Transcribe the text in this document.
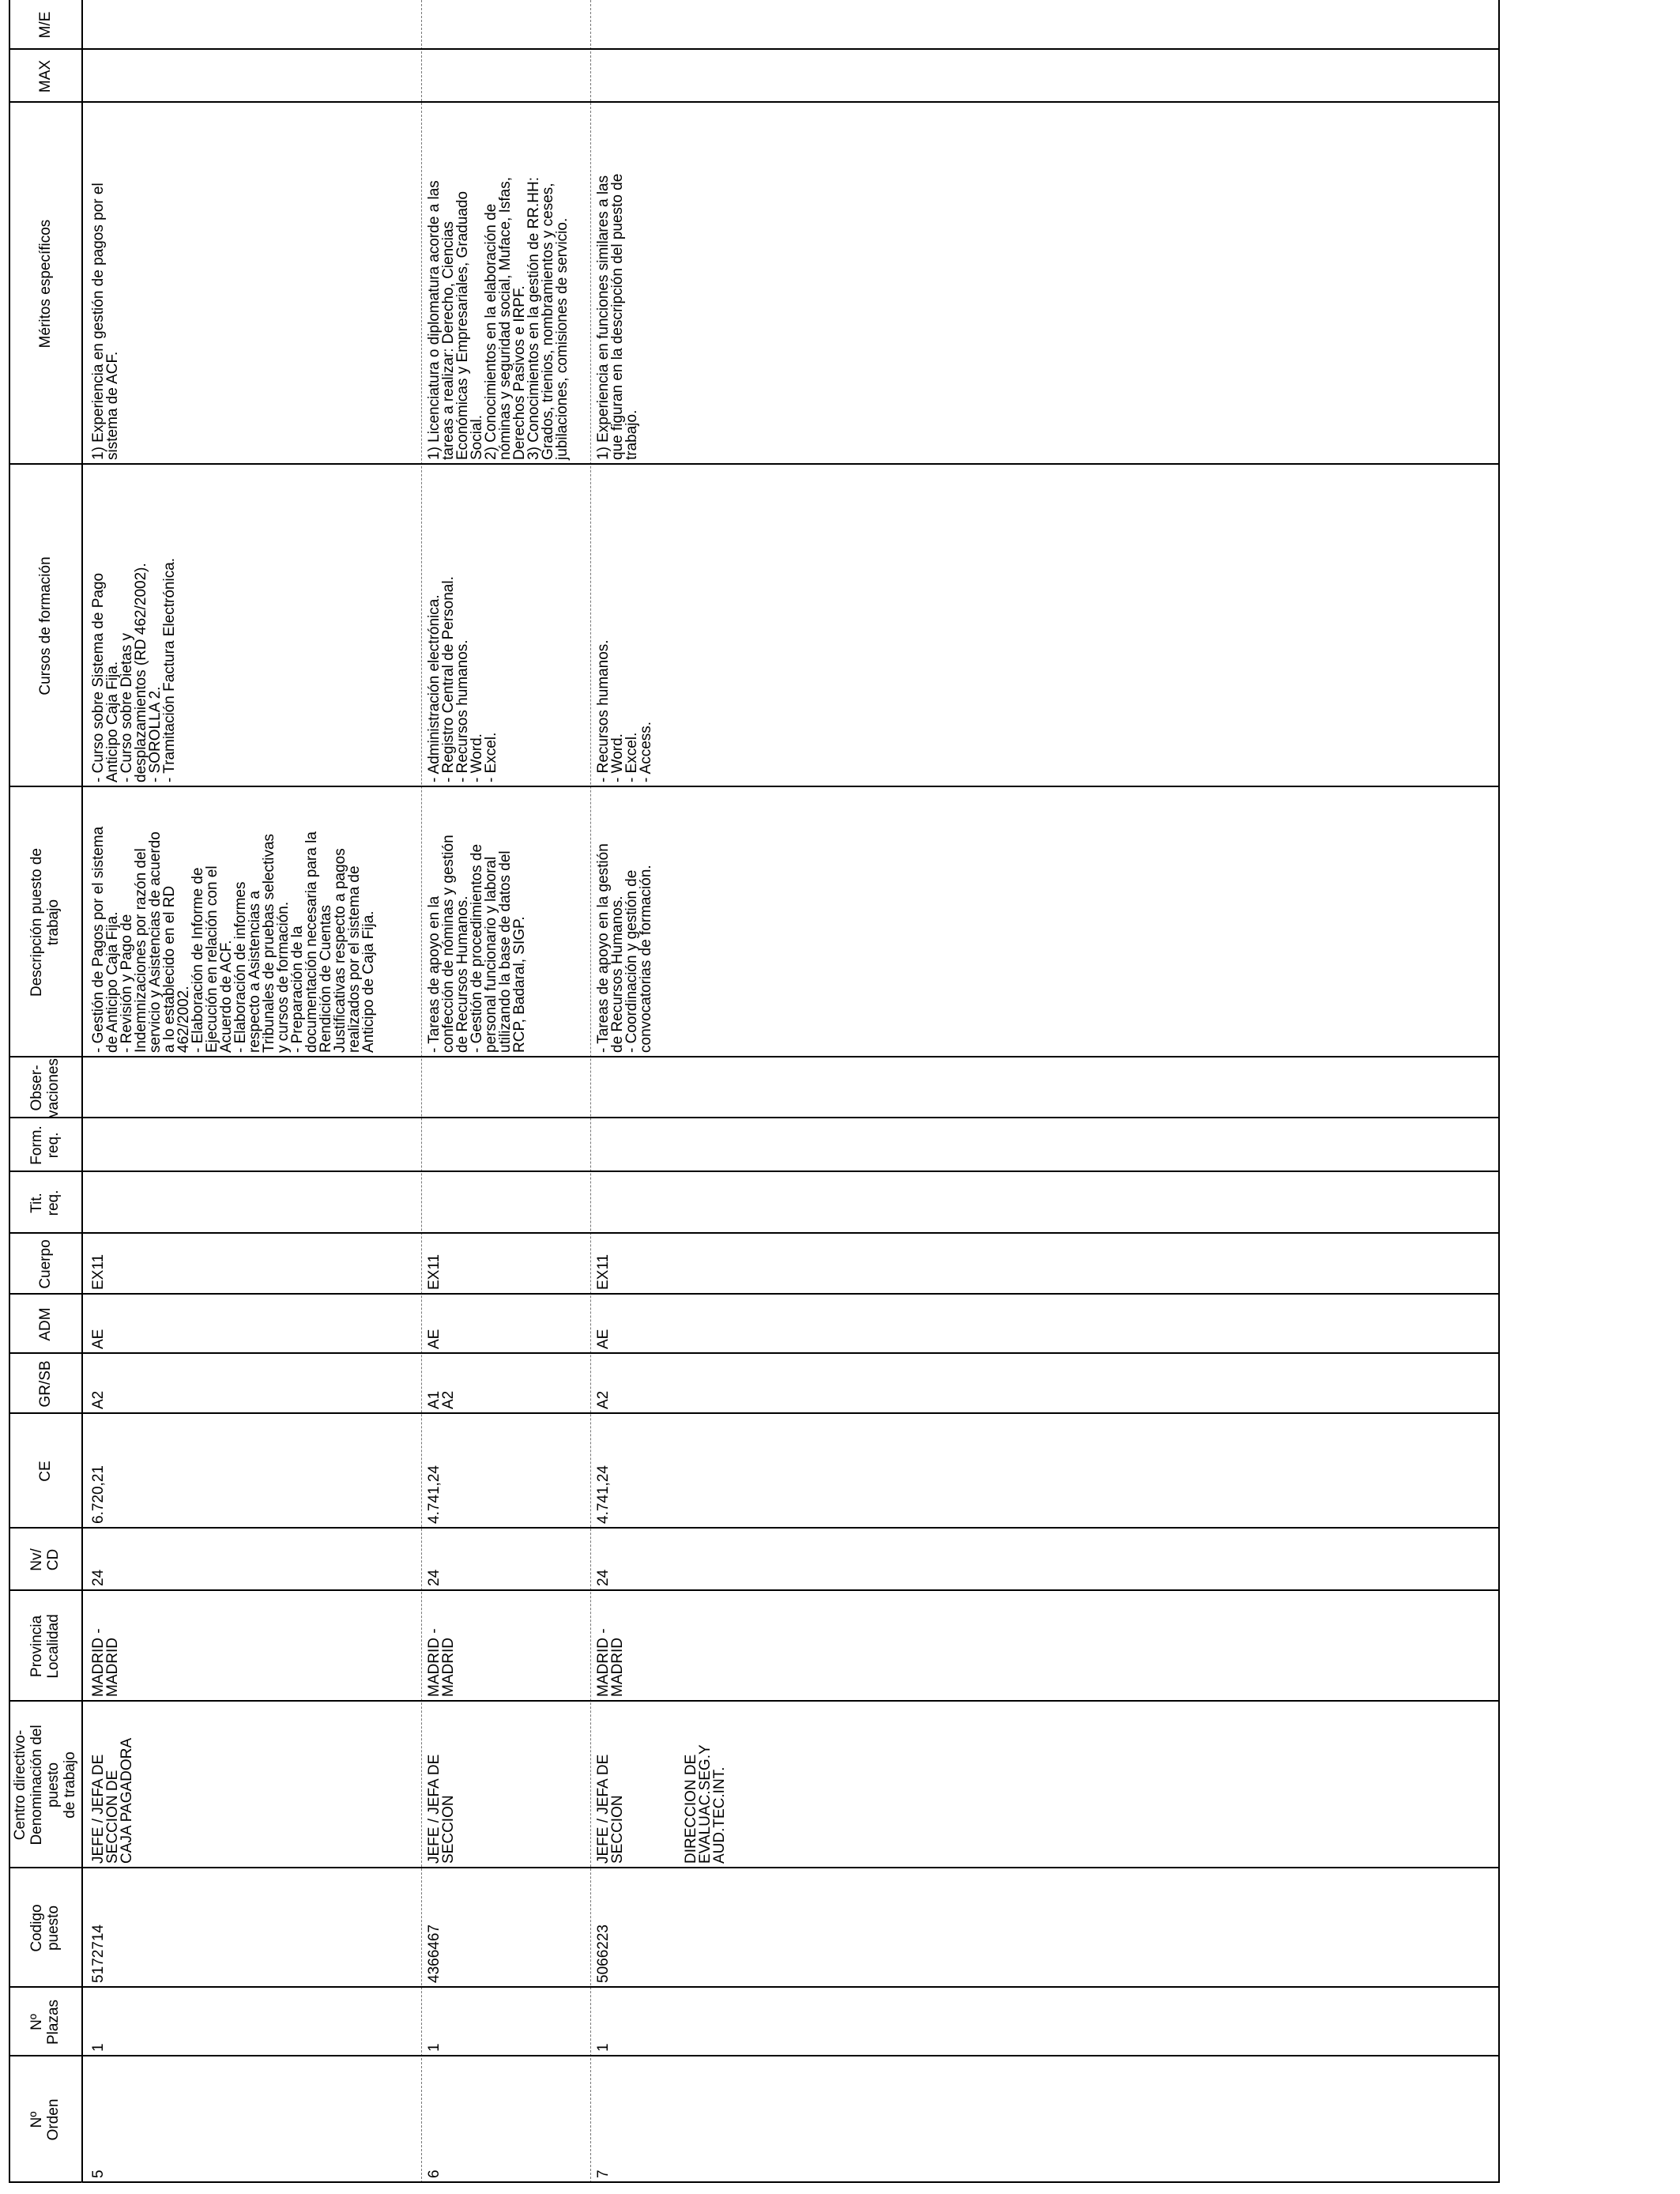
Nº
Orden
Nº
Plazas
Codigo
puesto
Centro directivo-
Denominación del puesto
de trabajo
Provincia
Localidad
Nv/
CD
CE
GR/SB
ADM
Cuerpo
Tit.
req.
Form.
req.
Obser-
vaciones
Descripción puesto de
trabajo
Cursos de formación
Méritos específicos
MAX
M/E
5
1
5172714
JEFE / JEFA DE SECCION DE
CAJA PAGADORA
MADRID -
MADRID
24
6.720,21
A2
AE
EX11
- Gestión de Pagos por el sistema
de Anticipo Caja Fija.
- Revisión y Pago de
Indemnizaciones por razón del
servicio y Asistencias de acuerdo
a lo establecido en el RD
462/2002.
- Elaboración de Informe de
Ejecución en relación con el
Acuerdo de ACF.
- Elaboración de informes
respecto a Asistencias a
Tribunales de pruebas selectivas
y cursos de formación.
- Preparación de la
documentación necesaria para la
Rendición de Cuentas
Justificativas respecto a pagos
realizados por el sistema de
Anticipo de Caja Fija.
- Curso sobre Sistema de Pago
Anticipo Caja Fija.
- Curso sobre Dietas y
desplazamientos (RD 462/2002).
- SOROLLA 2.
- Tramitación Factura Electrónica.
1) Experiencia en gestión de pagos por el
sistema de ACF.
6
1
4366467
JEFE / JEFA DE SECCION
MADRID -
MADRID
24
4.741,24
A1
A2
AE
EX11
- Tareas de apoyo en la
confección de nóminas y gestión
de Recursos Humanos.
- Gestión de procedimientos de
personal funcionario y laboral
utilizando la base de datos del
RCP, Badaral, SIGP.
- Administración electrónica.
- Registro Central de Personal.
- Recursos humanos.
- Word.
- Excel.
1) Licenciatura o diplomatura acorde a las
tareas a realizar: Derecho, Ciencias
Económicas y Empresariales, Graduado
Social.
2) Conocimientos en la elaboración de
nóminas y seguridad social, Muface, Isfas,
Derechos Pasivos e IRPF.
3) Conocimientos en la gestión de RR.HH:
Grados, trienios, nombramientos y ceses,
jubilaciones, comisiones de servicio.
7
1
5066223
JEFE / JEFA DE SECCION
MADRID -
MADRID
24
4.741,24
A2
AE
EX11
- Tareas de apoyo en la gestión
de Recursos Humanos.
- Coordinación y gestión de
convocatorias de formación.
- Recursos humanos.
- Word.
- Excel.
- Access.
1) Experiencia en funciones similares a las
que figuran en la descripción del puesto de
trabajo.
DIRECCION DE
EVALUAC.SEG.Y
AUD.TEC.INT.
